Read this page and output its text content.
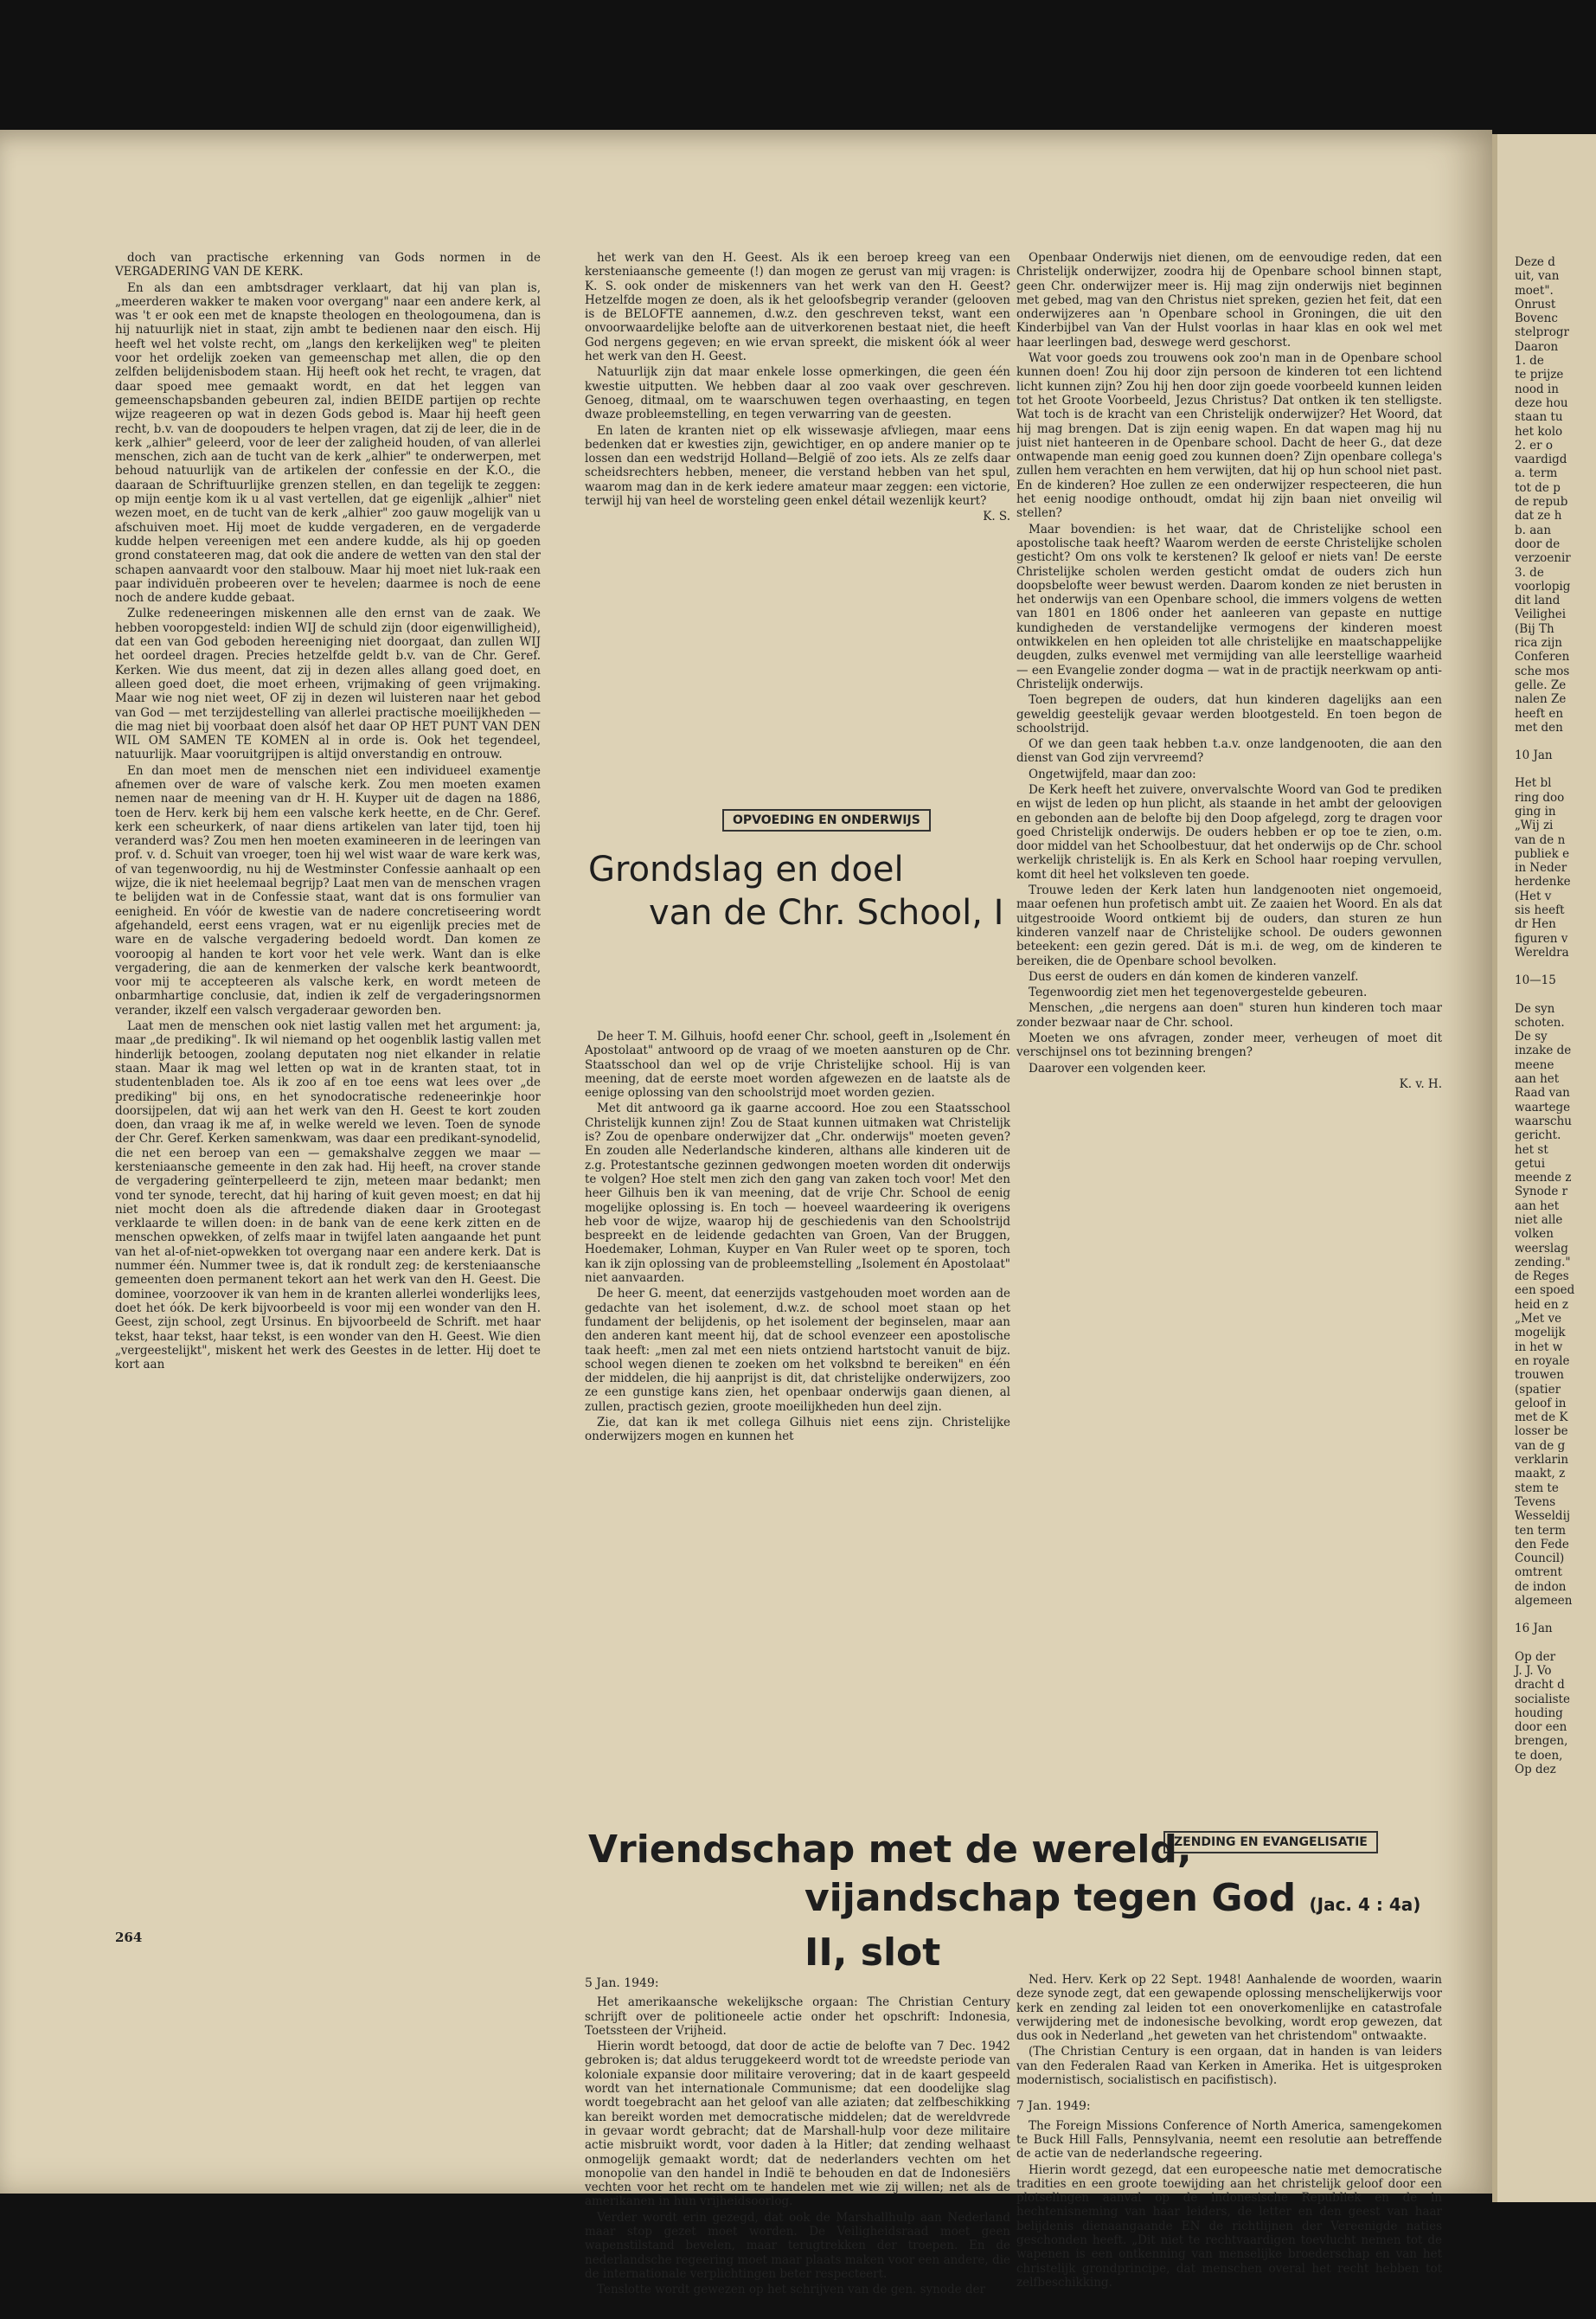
doch van practische erkenning van Gods normen in de VERGADERING VAN DE KERK.

En als dan een ambtsdrager verklaart, dat hij van plan is, „meerderen wakker te maken voor overgang" naar een andere kerk, al was 't er ook een met de knapste theologen en theologoumena, dan is hij natuurlijk niet in staat, zijn ambt te bedienen naar den eisch. Hij heeft wel het volste recht, om „langs den kerkelijken weg" te pleiten voor het ordelijk zoeken van gemeenschap met allen, die op den zelfden belijdenisbodem staan. Hij heeft ook het recht, te vragen, dat daar spoed mee gemaakt wordt, en dat het leggen van gemeenschapsbanden gebeuren zal, indien BEIDE partijen op rechte wijze reageeren op wat in dezen Gods gebod is. Maar hij heeft geen recht, b.v. van de doopouders te helpen vragen, dat zij de leer, die in de kerk „alhier" geleerd, voor de leer der zaligheid houden, of van allerlei menschen, zich aan de tucht van de kerk „alhier" te onderwerpen, met behoud natuurlijk van de artikelen der confessie en der K.O., die daaraan de Schriftuurlijke grenzen stellen, en dan tegelijk te zeggen: op mijn eentje kom ik u al vast vertellen, dat ge eigenlijk „alhier" niet wezen moet, en de tucht van de kerk „alhier" zoo gauw mogelijk van u afschuiven moet. Hij moet de kudde vergaderen, en de vergaderde kudde helpen vereenigen met een andere kudde, als hij op goeden grond constateeren mag, dat ook die andere de wetten van den stal der schapen aanvaardt voor den stalbouw. Maar hij moet niet luk-raak een paar individuën probeeren over te hevelen; daarmee is noch de eene noch de andere kudde gebaat.

Zulke redeneeringen miskennen alle den ernst van de zaak. We hebben vooropgesteld: indien WIJ de schuld zijn (door eigenwilligheid), dat een van God geboden hereeniging niet doorgaat, dan zullen WIJ het oordeel dragen. Precies hetzelfde geldt b.v. van de Chr. Geref. Kerken. Wie dus meent, dat zij in dezen alles allang goed doet, en alleen goed doet, die moet erheen, vrijmaking of geen vrijmaking. Maar wie nog niet weet, OF zij in dezen wil luisteren naar het gebod van God — met terzijdestelling van allerlei practische moeilijkheden — die mag niet bij voorbaat doen alsóf het daar OP HET PUNT VAN DEN WIL OM SAMEN TE KOMEN al in orde is. Ook het tegendeel, natuurlijk. Maar vooruitgrijpen is altijd onverstandig en ontrouw.

En dan moet men de menschen niet een individueel examentje afnemen over de ware of valsche kerk. Zou men moeten examen nemen naar de meening van dr H. H. Kuyper uit de dagen na 1886, toen de Herv. kerk bij hem een valsche kerk heette, en de Chr. Geref. kerk een scheurkerk, of naar diens artikelen van later tijd, toen hij veranderd was? Zou men hen moeten examineeren in de leeringen van prof. v. d. Schuit van vroeger, toen hij wel wist waar de ware kerk was, of van tegenwoordig, nu hij de Westminster Confessie aanhaalt op een wijze, die ik niet heelemaal begrijp? Laat men van de menschen vragen te belijden wat in de Confessie staat, want dat is ons formulier van eenigheid. En vóór de kwestie van de nadere concretiseering wordt afgehandeld, eerst eens vragen, wat er nu eigenlijk precies met de ware en de valsche vergadering bedoeld wordt. Dan komen ze vooroopig al handen te kort voor het vele werk. Want dan is elke vergadering, die aan de kenmerken der valsche kerk beantwoordt, voor mij te accepteeren als valsche kerk, en wordt meteen de onbarmhartige conclusie, dat, indien ik zelf de vergaderingsnormen verander, ikzelf een valsch vergaderaar geworden ben.

Laat men de menschen ook niet lastig vallen met het argument: ja, maar „de prediking". Ik wil niemand op het oogenblik lastig vallen met hinderlijk betoogen, zoolang deputaten nog niet elkander in relatie staan. Maar ik mag wel letten op wat in de kranten staat, tot in studentenbladen toe. Als ik zoo af en toe eens wat lees over „de prediking" bij ons, en het synodocratische redeneerinkje hoor doorsijpelen, dat wij aan het werk van den H. Geest te kort zouden doen, dan vraag ik me af, in welke wereld we leven. Toen de synode der Chr. Geref. Kerken samenkwam, was daar een predikant-synodelid, die net een beroep van een — gemakshalve zeggen we maar — kersteniaansche gemeente in den zak had. Hij heeft, na crover stande de vergadering geïnterpelleerd te zijn, meteen maar bedankt; men vond ter synode, terecht, dat hij haring of kuit geven moest; en dat hij niet mocht doen als die aftredende diaken daar in Grootegast verklaarde te willen doen: in de bank van de eene kerk zitten en de menschen opwekken, of zelfs maar in twijfel laten aangaande het punt van het al-of-niet-opwekken tot overgang naar een andere kerk. Dat is nummer één. Nummer twee is, dat ik rondult zeg: de kersteniaansche gemeenten doen permanent tekort aan het werk van den H. Geest. Die dominee, voorzoover ik van hem in de kranten allerlei wonderlijks lees, doet het óók. De kerk bijvoorbeeld is voor mij een wonder van den H. Geest, zijn school, zegt Ursinus. En bijvoorbeeld de Schrift. met haar tekst, haar tekst, haar tekst, is een wonder van den H. Geest. Wie dien „vergeestelijkt", miskent het werk des Geestes in de letter. Hij doet te kort aan

het werk van den H. Geest. Als ik een beroep kreeg van een kersteniaansche gemeente (!) dan mogen ze gerust van mij vragen: is K. S. ook onder de miskenners van het werk van den H. Geest? Hetzelfde mogen ze doen, als ik het geloofsbegrip verander (gelooven is de BELOFTE aannemen, d.w.z. den geschreven tekst, want een onvoorwaardelijke belofte aan de uitverkorenen bestaat niet, die heeft God nergens gegeven; en wie ervan spreekt, die miskent óók al weer het werk van den H. Geest.

Natuurlijk zijn dat maar enkele losse opmerkingen, die geen één kwestie uitputten. We hebben daar al zoo vaak over geschreven. Genoeg, ditmaal, om te waarschuwen tegen overhaasting, en tegen dwaze probleemstelling, en tegen verwarring van de geesten.

En laten de kranten niet op elk wissewasje afvliegen, maar eens bedenken dat er kwesties zijn, gewichtiger, en op andere manier op te lossen dan een wedstrijd Holland—België of zoo iets. Als ze zelfs daar scheidsrechters hebben, meneer, die verstand hebben van het spul, waarom mag dan in de kerk iedere amateur maar zeggen: een victorie, terwijl hij van heel de worsteling geen enkel détail wezenlijk keurt?

K. S.

OPVOEDING EN ONDERWIJS
Grondslag en doel
van de Chr. School, I

De heer T. M. Gilhuis, hoofd eener Chr. school, geeft in „Isolement én Apostolaat" antwoord op de vraag of we moeten aansturen op de Chr. Staatsschool dan wel op de vrije Christelijke school. Hij is van meening, dat de eerste moet worden afgewezen en de laatste als de eenige oplossing van den schoolstrijd moet worden gezien.

Met dit antwoord ga ik gaarne accoord. Hoe zou een Staatsschool Christelijk kunnen zijn! Zou de Staat kunnen uitmaken wat Christelijk is? Zou de openbare onderwijzer dat „Chr. onderwijs" moeten geven? En zouden alle Nederlandsche kinderen, althans alle kinderen uit de z.g. Protestantsche gezinnen gedwongen moeten worden dit onderwijs te volgen? Hoe stelt men zich den gang van zaken toch voor! Met den heer Gilhuis ben ik van meening, dat de vrije Chr. School de eenig mogelijke oplossing is. En toch — hoeveel waardeering ik overigens heb voor de wijze, waarop hij de geschiedenis van den Schoolstrijd bespreekt en de leidende gedachten van Groen, Van der Bruggen, Hoedemaker, Lohman, Kuyper en Van Ruler weet op te sporen, toch kan ik zijn oplossing van de probleemstelling „Isolement én Apostolaat" niet aanvaarden.

De heer G. meent, dat eenerzijds vastgehouden moet worden aan de gedachte van het isolement, d.w.z. de school moet staan op het fundament der belijdenis, op het isolement der beginselen, maar aan den anderen kant meent hij, dat de school evenzeer een apostolische taak heeft: „men zal met een niets ontziend hartstocht vanuit de bijz. school wegen dienen te zoeken om het volksbnd te bereiken" en één der middelen, die hij aanprijst is dit, dat christelijke onderwijzers, zoo ze een gunstige kans zien, het openbaar onderwijs gaan dienen, al zullen, practisch gezien, groote moeilijkheden hun deel zijn.

Zie, dat kan ik met collega Gilhuis niet eens zijn. Christelijke onderwijzers mogen en kunnen het

Openbaar Onderwijs niet dienen, om de eenvoudige reden, dat een Christelijk onderwijzer, zoodra hij de Openbare school binnen stapt, geen Chr. onderwijzer meer is. Hij mag zijn onderwijs niet beginnen met gebed, mag van den Christus niet spreken, gezien het feit, dat een onderwijzeres aan 'n Openbare school in Groningen, die uit den Kinderbijbel van Van der Hulst voorlas in haar klas en ook wel met haar leerlingen bad, deswege werd geschorst.

Wat voor goeds zou trouwens ook zoo'n man in de Openbare school kunnen doen! Zou hij door zijn persoon de kinderen tot een lichtend licht kunnen zijn? Zou hij hen door zijn goede voorbeeld kunnen leiden tot het Groote Voorbeeld, Jezus Christus? Dat ontken ik ten stelligste. Wat toch is de kracht van een Christelijk onderwijzer? Het Woord, dat hij mag brengen. Dat is zijn eenig wapen. En dat wapen mag hij nu juist niet hanteeren in de Openbare school. Dacht de heer G., dat deze ontwapende man eenig goed zou kunnen doen? Zijn openbare collega's zullen hem verachten en hem verwijten, dat hij op hun school niet past. En de kinderen? Hoe zullen ze een onderwijzer respecteeren, die hun het eenig noodige onthoudt, omdat hij zijn baan niet onveilig wil stellen?

Maar bovendien: is het waar, dat de Christelijke school een apostolische taak heeft? Waarom werden de eerste Christelijke scholen gesticht? Om ons volk te kerstenen? Ik geloof er niets van! De eerste Christelijke scholen werden gesticht omdat de ouders zich hun doopsbelofte weer bewust werden. Daarom konden ze niet berusten in het onderwijs van een Openbare school, die immers volgens de wetten van 1801 en 1806 onder het aanleeren van gepaste en nuttige kundigheden de verstandelijke vermogens der kinderen moest ontwikkelen en hen opleiden tot alle christelijke en maatschappelijke deugden, zulks evenwel met vermijding van alle leerstellige waarheid — een Evangelie zonder dogma — wat in de practijk neerkwam op anti-Christelijk onderwijs.

Toen begrepen de ouders, dat hun kinderen dagelijks aan een geweldig geestelijk gevaar werden blootgesteld. En toen begon de schoolstrijd.

Of we dan geen taak hebben t.a.v. onze landgenooten, die aan den dienst van God zijn vervreemd?

Ongetwijfeld, maar dan zoo:

De Kerk heeft het zuivere, onvervalschte Woord van God te prediken en wijst de leden op hun plicht, als staande in het ambt der geloovigen en gebonden aan de belofte bij den Doop afgelegd, zorg te dragen voor goed Christelijk onderwijs. De ouders hebben er op toe te zien, o.m. door middel van het Schoolbestuur, dat het onderwijs op de Chr. school werkelijk christelijk is. En als Kerk en School haar roeping vervullen, komt dit heel het volksleven ten goede.

Trouwe leden der Kerk laten hun landgenooten niet ongemoeid, maar oefenen hun profetisch ambt uit. Ze zaaien het Woord. En als dat uitgestrooide Woord ontkiemt bij de ouders, dan sturen ze hun kinderen vanzelf naar de Christelijke school. De ouders gewonnen beteekent: een gezin gered. Dát is m.i. de weg, om de kinderen te bereiken, die de Openbare school bevolken.

Dus eerst de ouders en dán komen de kinderen vanzelf.

Tegenwoordig ziet men het tegenovergestelde gebeuren.

Menschen, „die nergens aan doen" sturen hun kinderen toch maar zonder bezwaar naar de Chr. school.

Moeten we ons afvragen, zonder meer, verheugen of moet dit verschijnsel ons tot bezinning brengen?

Daarover een volgenden keer.

K. v. H.

ZENDING EN EVANGELISATIE
Vriendschap met de wereld,
vijandschap tegen God (Jac. 4 : 4a) II, slot
5 Jan. 1949:

Het amerikaansche wekelijksche orgaan: The Christian Century schrijft over de politioneele actie onder het opschrift: Indonesia, Toetssteen der Vrijheid.

Hierin wordt betoogd, dat door de actie de belofte van 7 Dec. 1942 gebroken is; dat aldus teruggekeerd wordt tot de wreedste periode van koloniale expansie door militaire verovering; dat in de kaart gespeeld wordt van het internationale Communisme; dat een doodelijke slag wordt toegebracht aan het geloof van alle aziaten; dat zelfbeschikking kan bereikt worden met democratische middelen; dat de wereldvrede in gevaar wordt gebracht; dat de Marshall-hulp voor deze militaire actie misbruikt wordt, voor daden à la Hitler; dat zending welhaast onmogelijk gemaakt wordt; dat de nederlanders vechten om het monopolie van den handel in Indië te behouden en dat de Indonesiërs vechten voor het recht om te handelen met wie zij willen; net als de amerikanen in hun vrijheidsoorlog.

Verder wordt erin gezegd, dat ook de Marshallhulp aan Nederland maar stop gezet moet worden. De Veiligheidsraad moet geen wapenstilstand bevelen, maar terugtrekken der troepen. En de nederlandsche regeering moet maar plaats maken voor een andere, die de internationale verplichtingen beter respecteert.

Tenslotte wordt gewezen op het schrijven van de gen. synode der

Ned. Herv. Kerk op 22 Sept. 1948! Aanhalende de woorden, waarin deze synode zegt, dat een gewapende oplossing menschelijkerwijs voor kerk en zending zal leiden tot een onoverkomenlijke en catastrofale verwijdering met de indonesische bevolking, wordt erop gewezen, dat dus ook in Nederland „het geweten van het christendom" ontwaakte.

(The Christian Century is een orgaan, dat in handen is van leiders van den Federalen Raad van Kerken in Amerika. Het is uitgesproken modernistisch, socialistisch en pacifistisch).

7 Jan. 1949:

The Foreign Missions Conference of North America, samengekomen te Buck Hill Falls, Pennsylvania, neemt een resolutie aan betreffende de actie van de nederlandsche regeering.

Hierin wordt gezegd, dat een europeesche natie met democratische tradities en een groote toewijding aan het christelijk geloof door een plotselingen aanval op de indonesische Republiek en de in hechtenisneming van haar leiders, de letter en den geest van haar belijdenis dienaangaande EN de richtlijnen der Vereenigde naties geschonden heeft. „Dit niet te rechtvaardigen toevlucht nemen tot de wapenen is een ontkenning van menselijke broederschap en van het christelijk grondprincipe, dat menschen overal het recht hebben tot zelfbeschikking.

264
Deze d
uit, van
moet".
Onrust
Bovenc
stelprogr
Daaron
1. de
te prijze
nood in
deze hou
staan tu
het kolo
2. er o
vaardigd
a. term
tot de p
de repub
dat ze h
b. aan
door de
verzoenir
3. de
voorlopig
dit land
Veilighei
(Bij Th
rica zijn
Conferen
sche mos
gelle. Ze
nalen Ze
heeft en
met den
10 Jan
Het bl
ring doo
ging in
„Wij zi
van de n
publiek e
in Neder
herdenke
(Het v
sis heeft
dr Hen
figuren v
Wereldra
10—15
De syn
schoten.
De sy
inzake de
meene
aan het
Raad van
waartege
waarschu
gericht.
het st
getui
meende z
Synode r
aan het
niet alle
volken
weerslag
zending."
de Reges
een spoed
heid en z
„Met ve
mogelijk
in het w
en royale
trouwen
(spatier
geloof in
met de K
losser be
van de g
verklarin
maakt, z
stem te
Tevens
Wesseldij
ten term
den Fede
Council)
omtrent
de indon
algemeen
16 Jan
Op der
J. J. Vo
dracht d
socialiste
houding
door een
brengen,
te doen,
Op dez
